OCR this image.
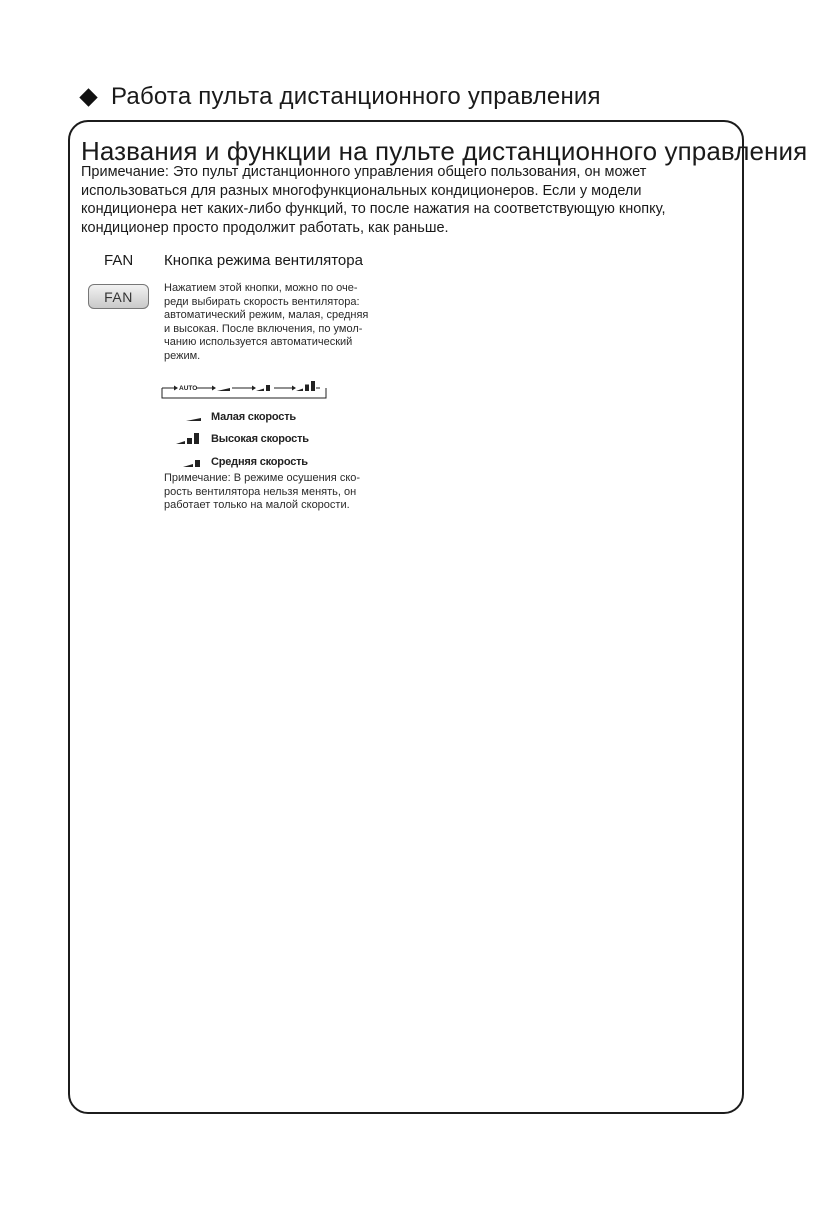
Работа пульта дистанционного управления
Названия и функции на пульте дистанционного управления

Примечание: Это пульт дистанционного управления общего пользования, он может

использоваться для разных многофункциональных кондиционеров. Если у модели

кондиционера нет каких-либо функций, то после нажатия на соответствующую кнопку,

кондиционер просто продолжит работать, как раньше.

FAN Кнопка режима вентилятора
FAN
Нажатием этой кнопки, можно по оче-
реди выбирать скорость вентилятора:
автоматический режим, малая, средняя
и высокая. После включения, по умол-
чанию используется автоматический
режим.
AUTO
Малая скорость
Высокая скорость
Средняя скорость
Примечание: В режиме осушения ско-
рость вентилятора нельзя менять, он
работает только на малой скорости.
